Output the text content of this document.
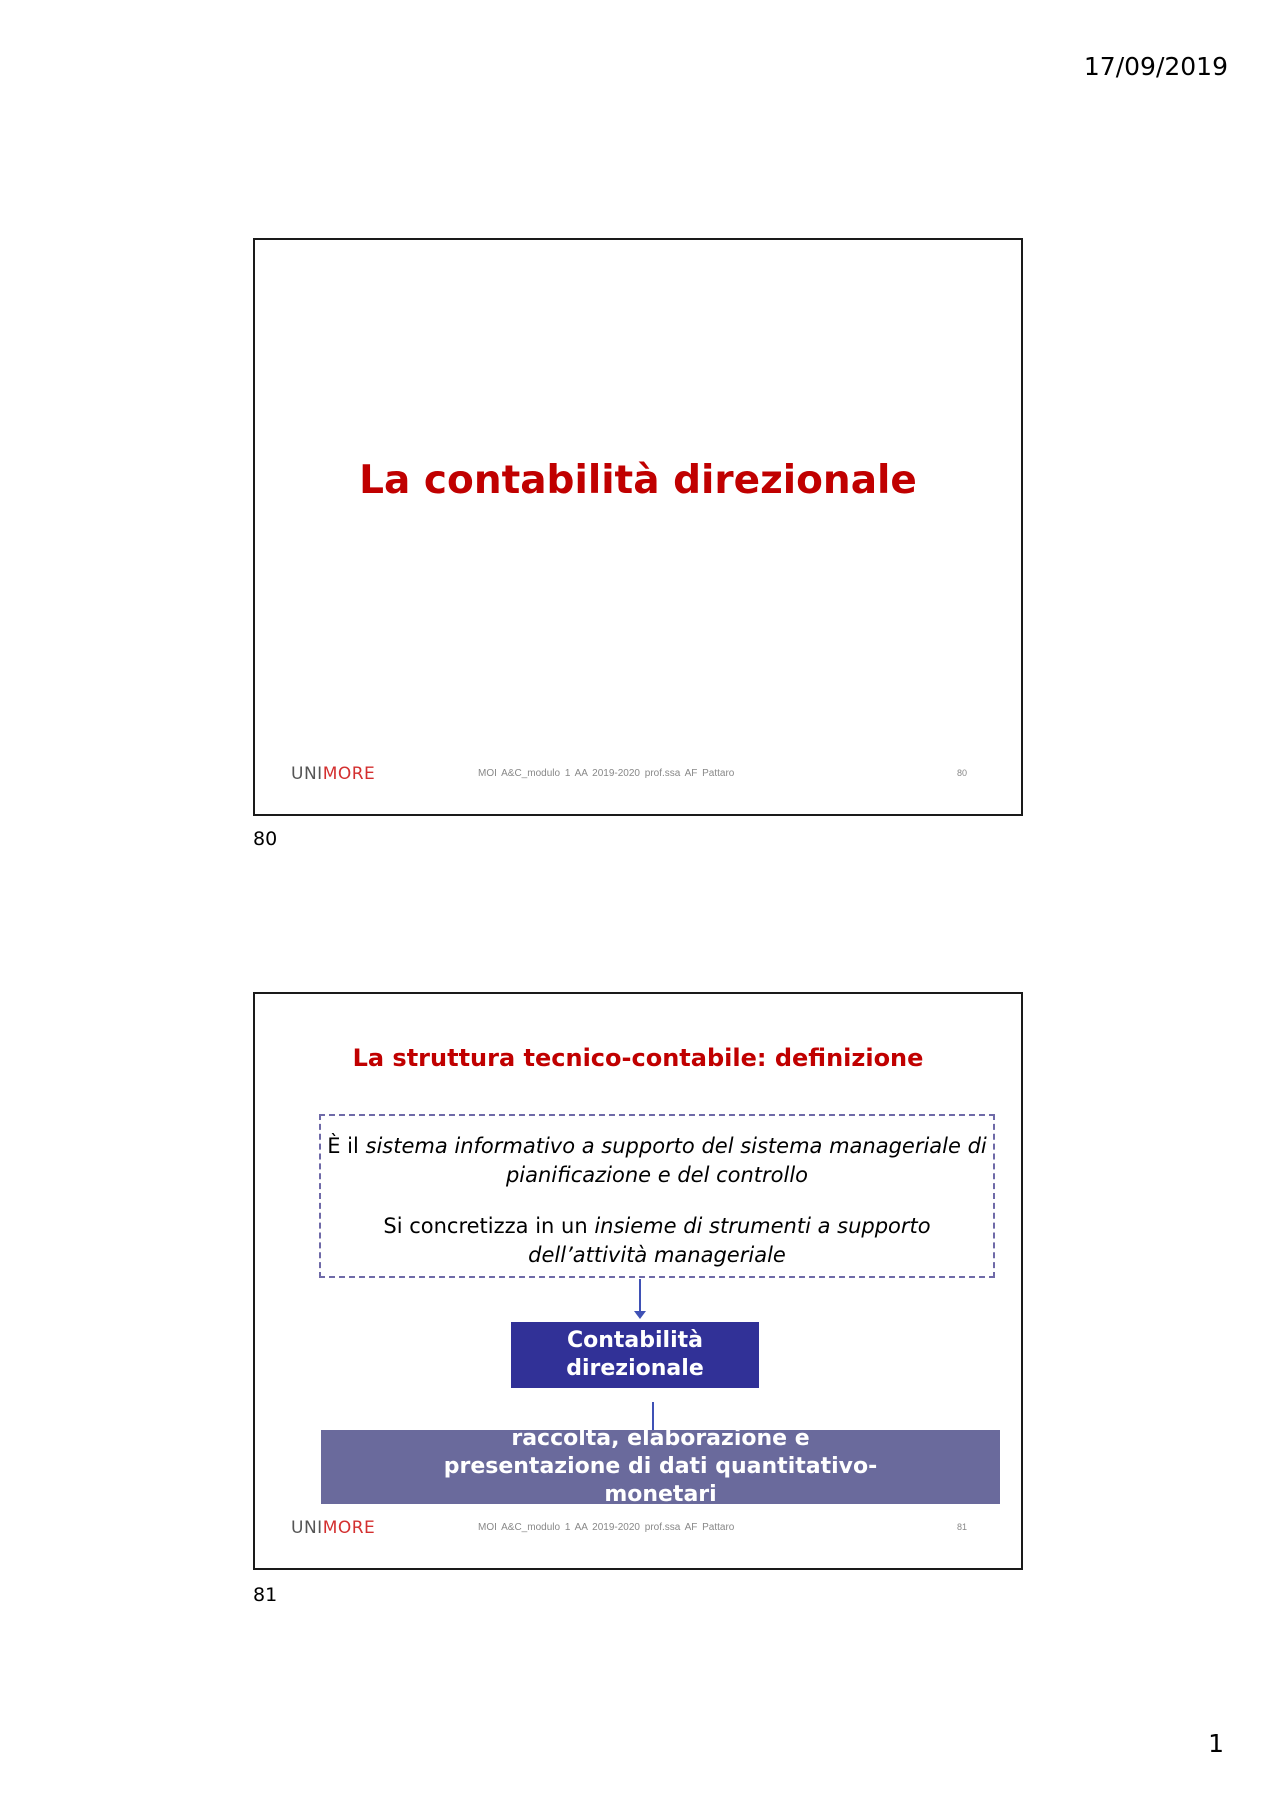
17/09/2019
La contabilità direzionale
UNIMORE	MOI A&C_modulo 1 AA 2019-2020 prof.ssa AF Pattaro	80
80
La struttura tecnico-contabile: definizione

È il sistema informativo a supporto del sistema manageriale di pianificazione e del controllo

Si concretizza in un insieme di strumenti a supporto dell’attività manageriale

Contabilità direzionale
raccolta, elaborazione e presentazione di dati quantitativo-monetari
UNIMORE	MOI A&C_modulo 1 AA 2019-2020 prof.ssa AF Pattaro	81
81
1
